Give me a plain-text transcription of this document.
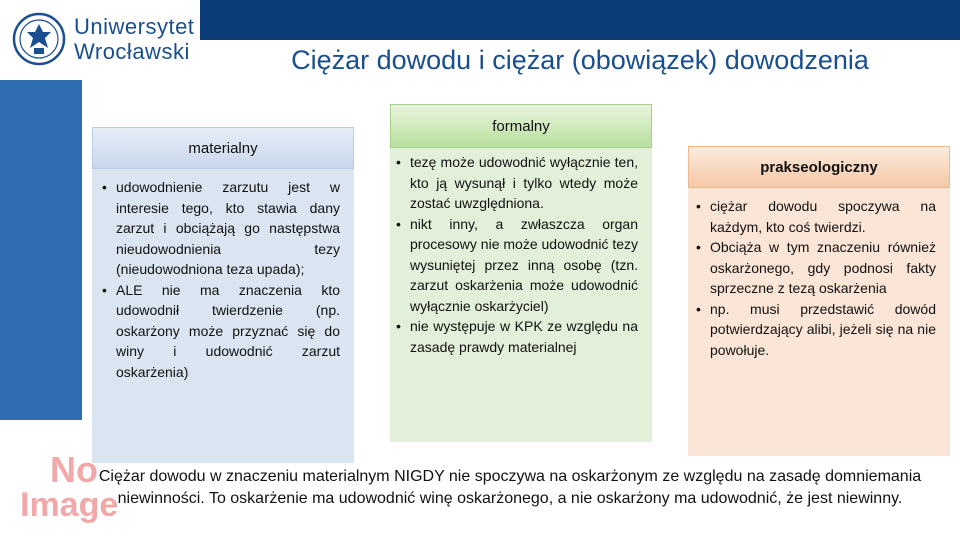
Uniwersytet
Wrocławski	Ciężar dowodu i ciężar (obowiązek) dowodzenia
materialny
• udowodnienie zarzutu jest w interesie tego, kto stawia dany zarzut i obciążają go następstwa nieudowodnienia tezy (nieudowodniona teza upada);
• ALE nie ma znaczenia kto udowodnił twierdzenie (np. oskarżony może przyznać się do winy i udowodnić zarzut oskarżenia)
formalny
• tezę może udowodnić wyłącznie ten, kto ją wysunął i tylko wtedy może zostać uwzględniona.
• nikt inny, a zwłaszcza organ procesowy nie może udowodnić tezy wysuniętej przez inną osobę (tzn. zarzut oskarżenia może udowodnić wyłącznie oskarżyciel)
• nie występuje w KPK ze względu na zasadę prawdy materialnej
prakseologiczny
• ciężar dowodu spoczywa na każdym, kto coś twierdzi.
• Obciąża w tym znaczeniu również oskarżonego, gdy podnosi fakty sprzeczne z tezą oskarżenia
• np. musi przedstawić dowód potwierdzający alibi, jeżeli się na nie powołuje.
No
Image
Ciężar dowodu w znaczeniu materialnym NIGDY nie spoczywa na oskarżonym ze względu na zasadę domniemania niewinności. To oskarżenie ma udowodnić winę oskarżonego, a nie oskarżony ma udowodnić, że jest niewinny.
